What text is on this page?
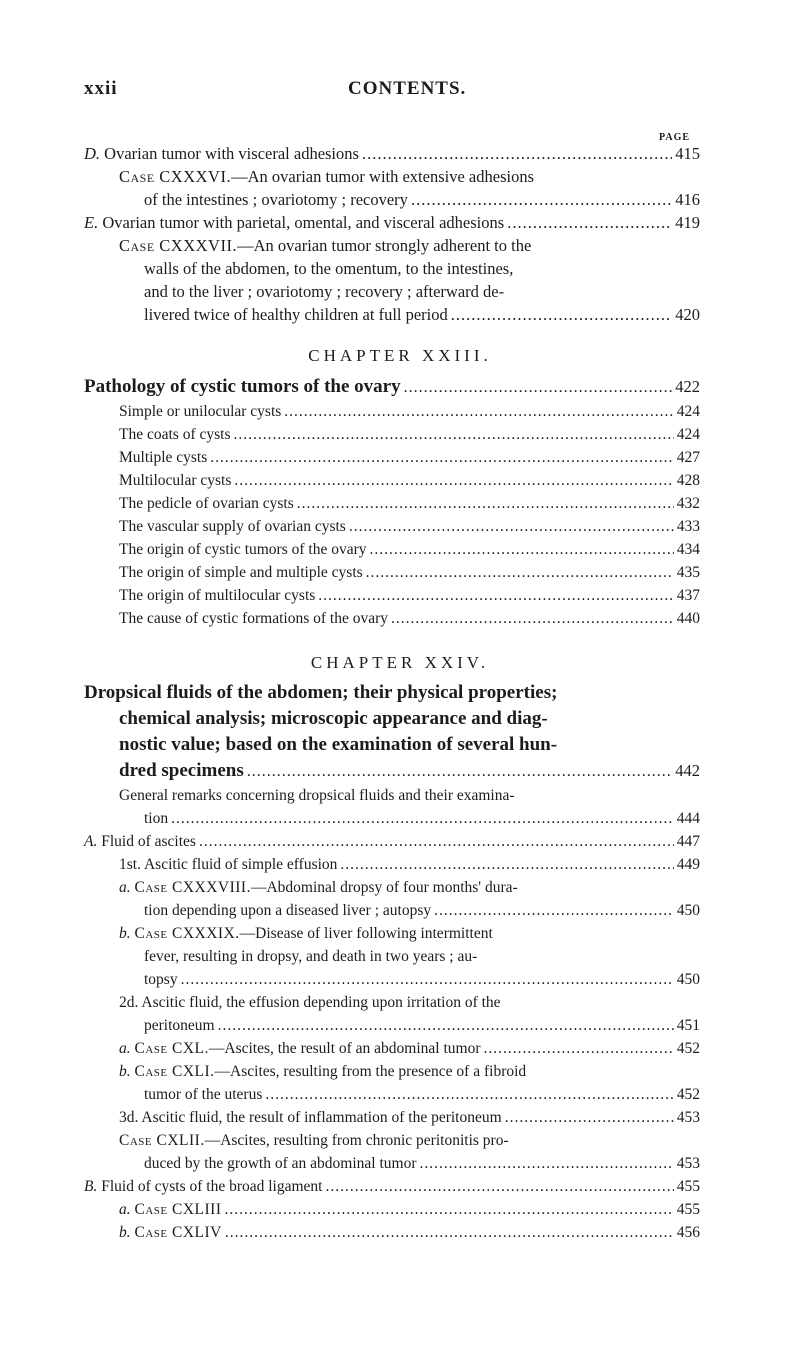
xxii	CONTENTS.
PAGE
D. Ovarian tumor with visceral adhesions .....	415
Case CXXXVI.—An ovarian tumor with extensive adhesions
of the intestines ; ovariotomy ; recovery .....	416
E. Ovarian tumor with parietal, omental, and visceral adhesions .....	419
Case CXXXVII.—An ovarian tumor strongly adherent to the
walls of the abdomen, to the omentum, to the intestines,
and to the liver ; ovariotomy ; recovery ; afterward de-
livered twice of healthy children at full period .....	420
CHAPTER XXIII.
Pathology of cystic tumors of the ovary .....	422
Simple or unilocular cysts .....	424
The coats of cysts .....	424
Multiple cysts .....	427
Multilocular cysts .....	428
The pedicle of ovarian cysts .....	432
The vascular supply of ovarian cysts .....	433
The origin of cystic tumors of the ovary .....	434
The origin of simple and multiple cysts .....	435
The origin of multilocular cysts .....	437
The cause of cystic formations of the ovary .....	440
CHAPTER XXIV.
Dropsical fluids of the abdomen; their physical properties;
chemical analysis; microscopic appearance and diag-
nostic value; based on the examination of several hun-
dred specimens .....	442
General remarks concerning dropsical fluids and their examina-
tion .....	444
A. Fluid of ascites .....	447
1st. Ascitic fluid of simple effusion .....	449
a. Case CXXXVIII.—Abdominal dropsy of four months' dura-
tion depending upon a diseased liver ; autopsy .....	450
b. Case CXXXIX.—Disease of liver following intermittent
fever, resulting in dropsy, and death in two years ; au-
topsy .....	450
2d. Ascitic fluid, the effusion depending upon irritation of the
peritoneum .....	451
a. Case CXL.—Ascites, the result of an abdominal tumor .....	452
b. Case CXLI.—Ascites, resulting from the presence of a fibroid
tumor of the uterus .....	452
3d. Ascitic fluid, the result of inflammation of the peritoneum .....	453
Case CXLII.—Ascites, resulting from chronic peritonitis pro-
duced by the growth of an abdominal tumor .....	453
B. Fluid of cysts of the broad ligament .....	455
a. Case CXLIII .....	455
b. Case CXLIV .....	456
